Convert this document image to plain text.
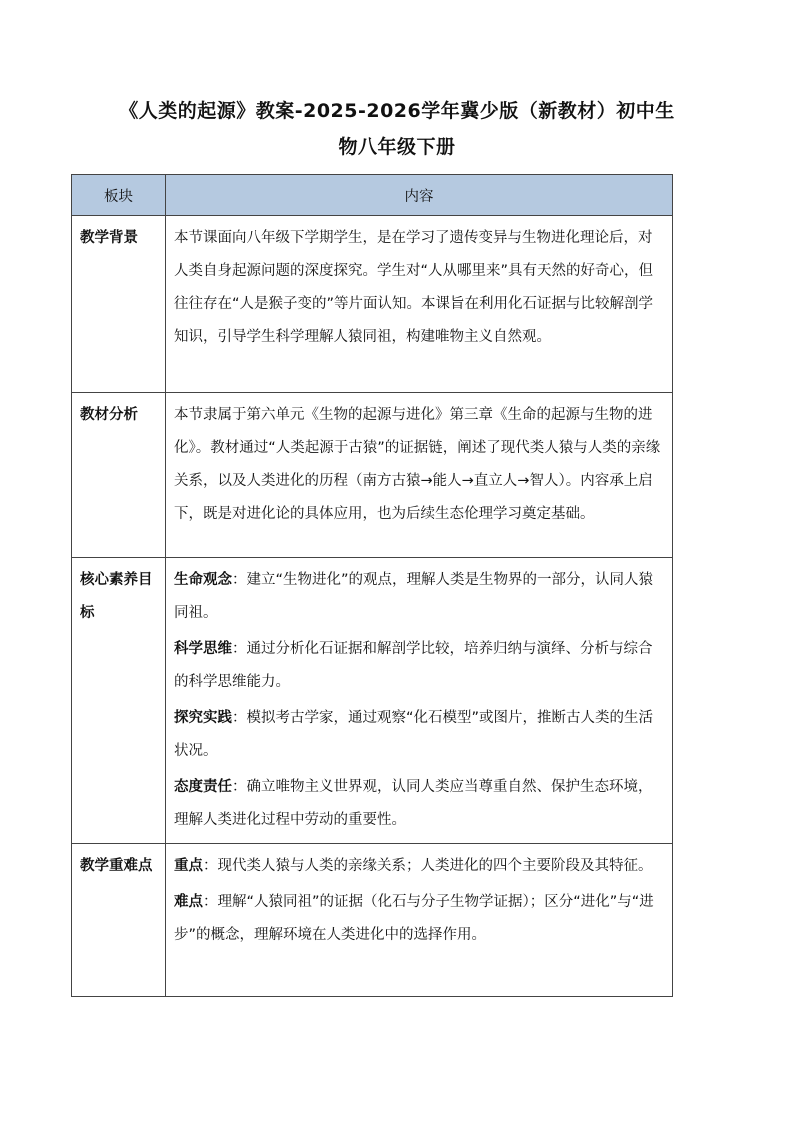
《人类的起源》教案-2025-2026学年冀少版（新教材）初中生
物八年级下册
板块	内容
教学背景	本节课面向八年级下学期学生，是在学习了遗传变异与生物进化理论后，对人类自身起源问题的深度探究。学生对“人从哪里来”具有天然的好奇心，但往往存在“人是猴子变的”等片面认知。本课旨在利用化石证据与比较解剖学知识，引导学生科学理解人猿同祖，构建唯物主义自然观。

教材分析	本节隶属于第六单元《生物的起源与进化》第三章《生命的起源与生物的进化》。教材通过“人类起源于古猿”的证据链，阐述了现代类人猿与人类的亲缘关系，以及人类进化的历程（南方古猿→能人→直立人→智人）。内容承上启下，既是对进化论的具体应用，也为后续生态伦理学习奠定基础。

核心素养目标	生命观念：建立“生物进化”的观点，理解人类是生物界的一部分，认同人猿同祖。

科学思维：通过分析化石证据和解剖学比较，培养归纳与演绎、分析与综合的科学思维能力。

探究实践：模拟考古学家，通过观察“化石模型”或图片，推断古人类的生活状况。

态度责任：确立唯物主义世界观，认同人类应当尊重自然、保护生态环境，理解人类进化过程中劳动的重要性。

教学重难点	重点：现代类人猿与人类的亲缘关系；人类进化的四个主要阶段及其特征。

难点：理解“人猿同祖”的证据（化石与分子生物学证据）；区分“进化”与“进步”的概念，理解环境在人类进化中的选择作用。
